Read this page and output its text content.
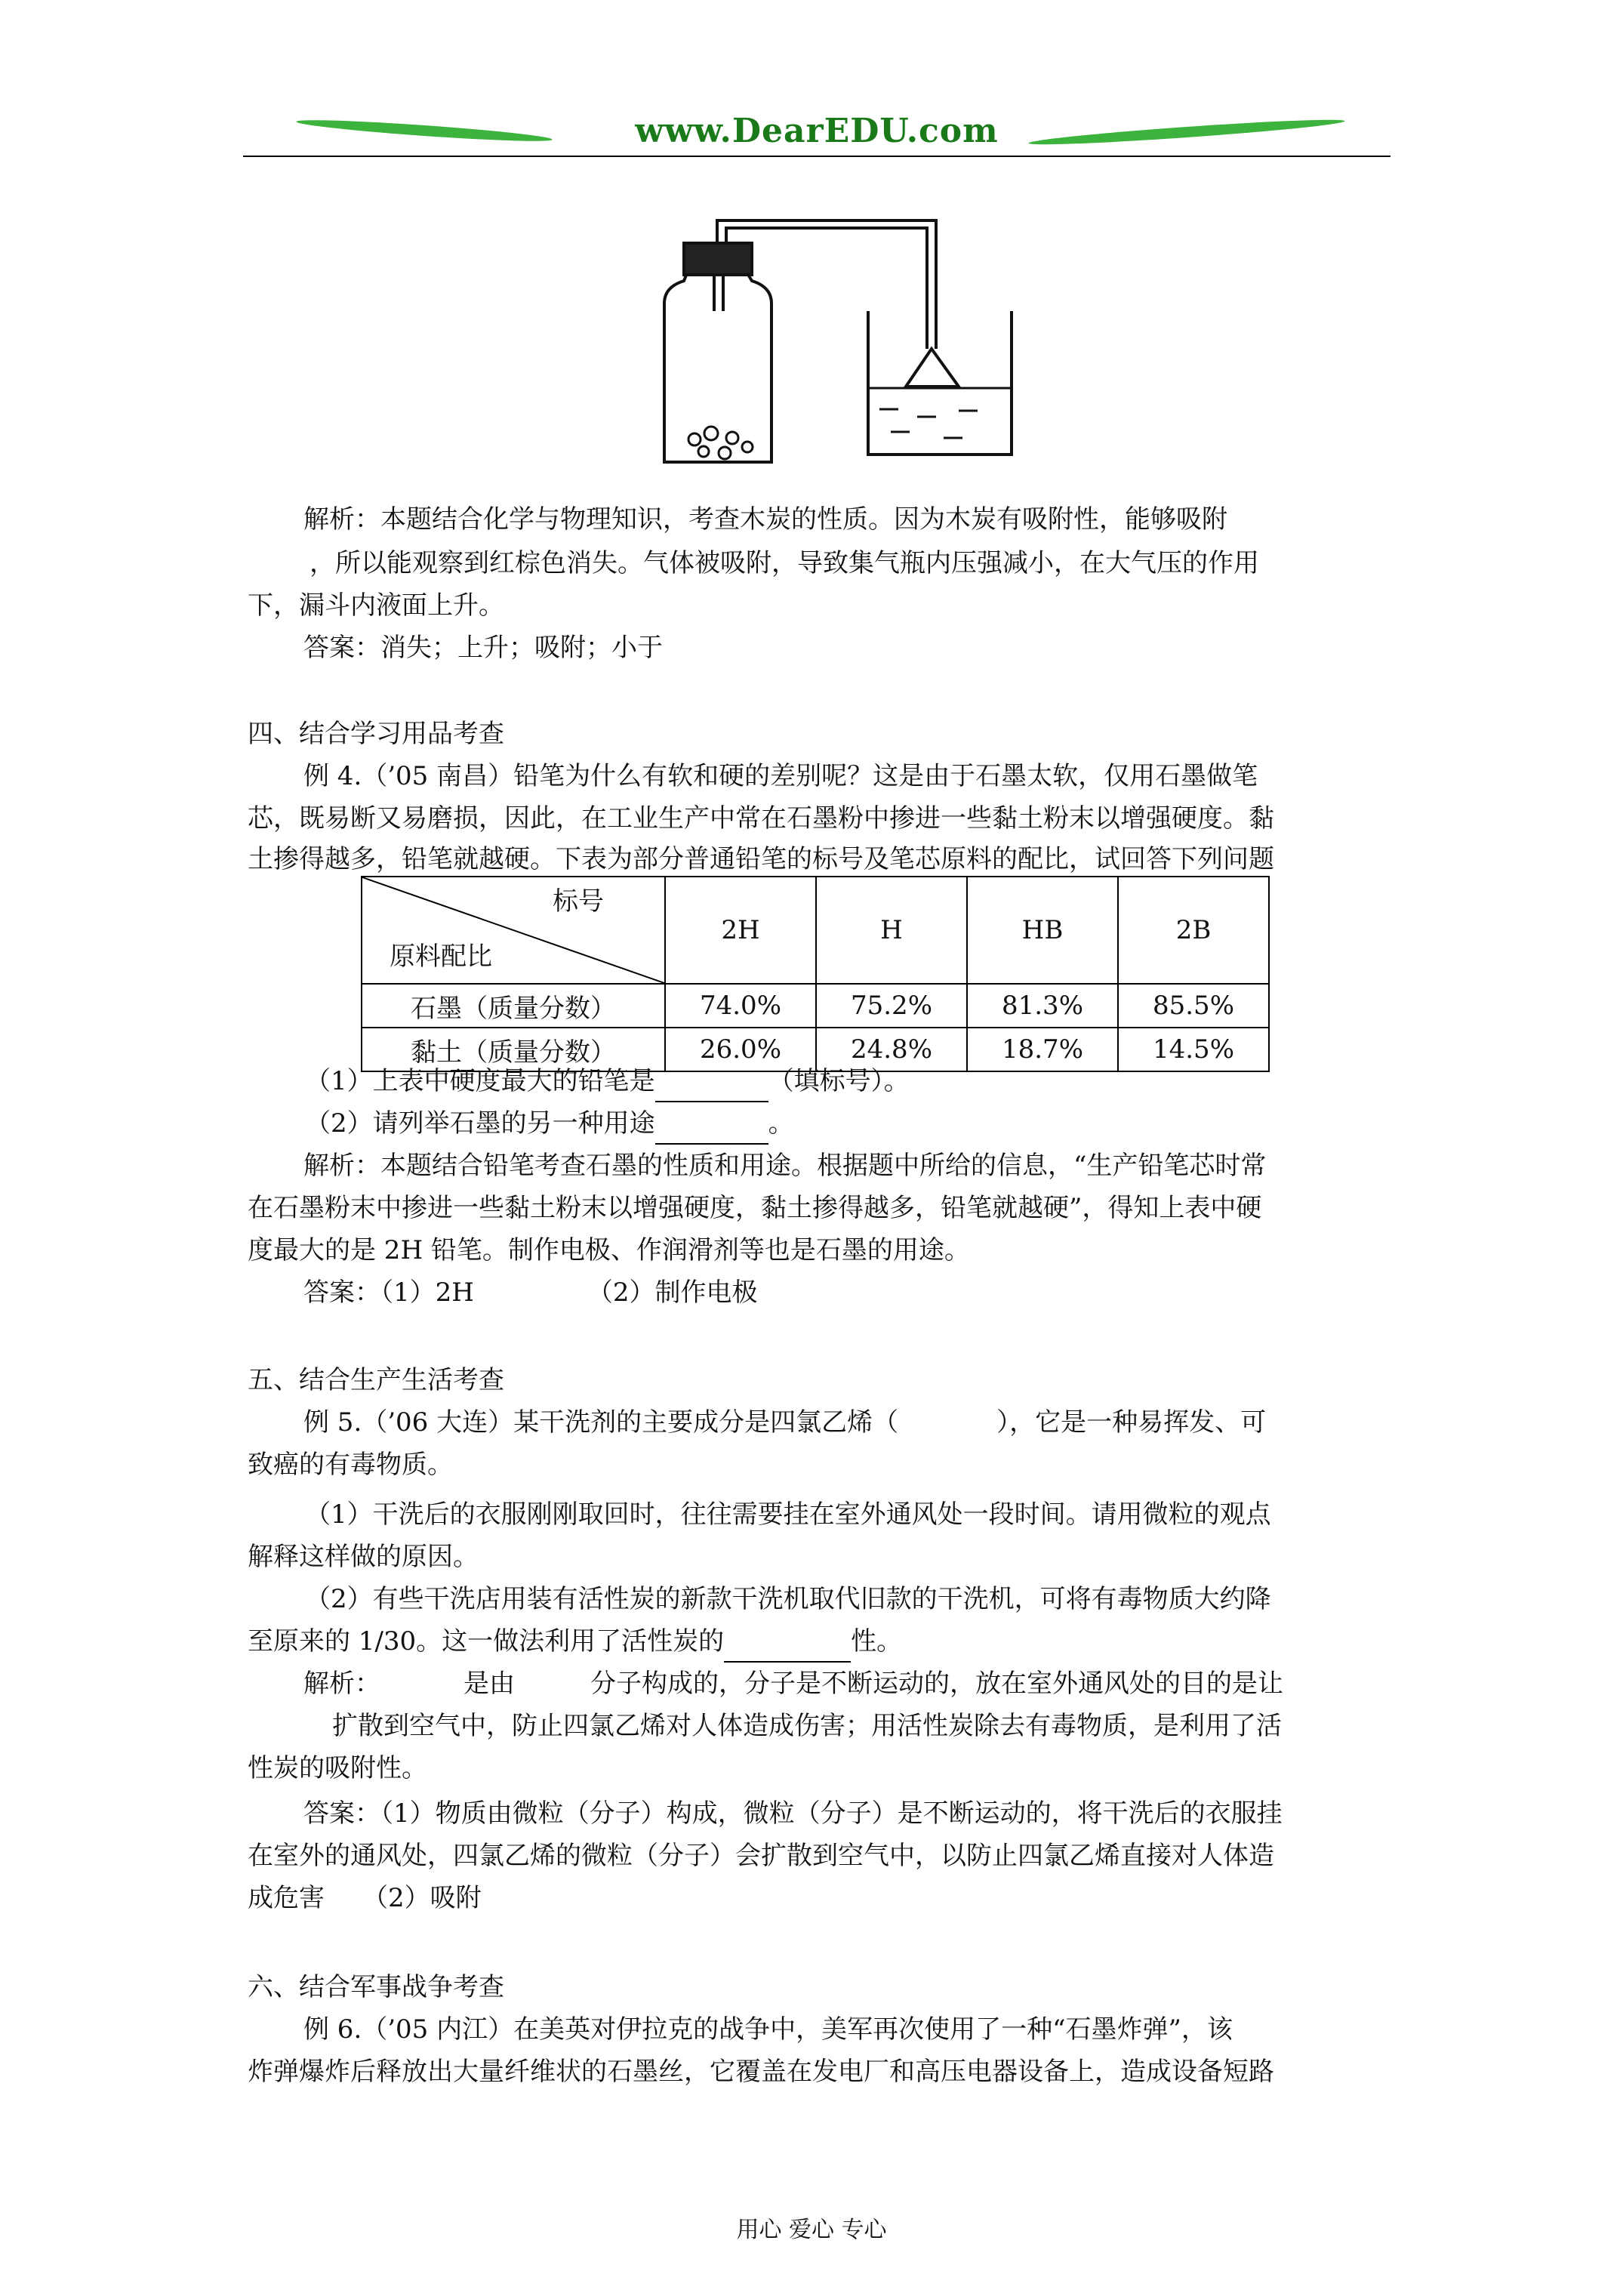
www.DearEDU.com
解析：本题结合化学与物理知识，考查木炭的性质。因为木炭有吸附性，能够吸附
，所以能观察到红棕色消失。气体被吸附，导致集气瓶内压强减小，在大气压的作用
下，漏斗内液面上升。
答案：消失；上升；吸附；小于
四、结合学习用品考查
例 4.（’05 南昌）铅笔为什么有软和硬的差别呢？这是由于石墨太软，仅用石墨做笔
芯，既易断又易磨损，因此，在工业生产中常在石墨粉中掺进一些黏土粉末以增强硬度。黏
土掺得越多，铅笔就越硬。下表为部分普通铅笔的标号及笔芯原料的配比，试回答下列问题
标号
原料配比	2H	H	HB	2B
石墨（质量分数）	74.0%	75.2%	81.3%	85.5%
黏土（质量分数）	26.0%	24.8%	18.7%	14.5%
（1）上表中硬度最大的铅笔是	（填标号）。
（2）请列举石墨的另一种用途	。
解析：本题结合铅笔考查石墨的性质和用途。根据题中所给的信息，“生产铅笔芯时常
在石墨粉末中掺进一些黏土粉末以增强硬度，黏土掺得越多，铅笔就越硬”，得知上表中硬
度最大的是 2H 铅笔。制作电极、作润滑剂等也是石墨的用途。
答案：（1）2H	（2）制作电极
五、结合生产生活考查
例 5.（’06 大连）某干洗剂的主要成分是四氯乙烯（	），它是一种易挥发、可
致癌的有毒物质。
（1）干洗后的衣服刚刚取回时，往往需要挂在室外通风处一段时间。请用微粒的观点
解释这样做的原因。
（2）有些干洗店用装有活性炭的新款干洗机取代旧款的干洗机，可将有毒物质大约降
至原来的 1/30。这一做法利用了活性炭的	性。
解析：	是由	分子构成的，分子是不断运动的，放在室外通风处的目的是让
扩散到空气中，防止四氯乙烯对人体造成伤害；用活性炭除去有毒物质，是利用了活
性炭的吸附性。
答案：（1）物质由微粒（分子）构成，微粒（分子）是不断运动的，将干洗后的衣服挂
在室外的通风处，四氯乙烯的微粒（分子）会扩散到空气中，以防止四氯乙烯直接对人体造
成危害 （2）吸附
六、结合军事战争考查
例 6.（’05 内江）在美英对伊拉克的战争中，美军再次使用了一种“石墨炸弹”，该
炸弹爆炸后释放出大量纤维状的石墨丝，它覆盖在发电厂和高压电器设备上，造成设备短路
用心 爱心 专心
